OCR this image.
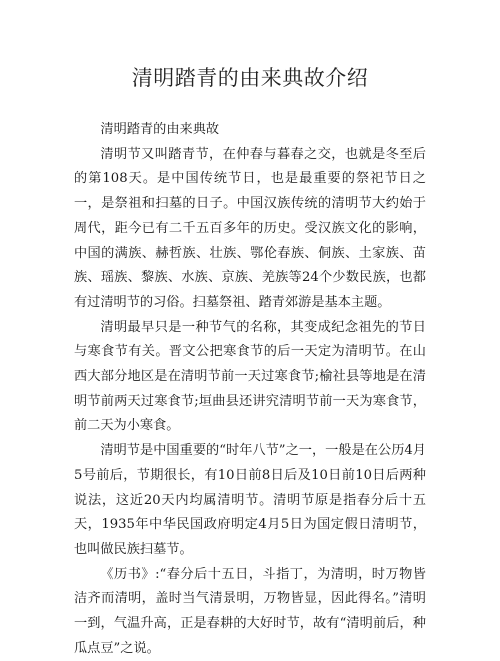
清明踏青的由来典故介绍

清明踏青的由来典故

清明节又叫踏青节，在仲春与暮春之交，也就是冬至后的第108天。是中国传统节日，也是最重要的祭祀节日之一，是祭祖和扫墓的日子。中国汉族传统的清明节大约始于周代，距今已有二千五百多年的历史。受汉族文化的影响，中国的满族、赫哲族、壮族、鄂伦春族、侗族、土家族、苗族、瑶族、黎族、水族、京族、羌族等24个少数民族，也都有过清明节的习俗。扫墓祭祖、踏青郊游是基本主题。

清明最早只是一种节气的名称，其变成纪念祖先的节日与寒食节有关。晋文公把寒食节的后一天定为清明节。在山西大部分地区是在清明节前一天过寒食节;榆社县等地是在清明节前两天过寒食节;垣曲县还讲究清明节前一天为寒食节，前二天为小寒食。

清明节是中国重要的“时年八节”之一，一般是在公历4月5号前后，节期很长，有10日前8日后及10日前10日后两种说法，这近20天内均属清明节。清明节原是指春分后十五天，1935年中华民国政府明定4月5日为国定假日清明节，也叫做民族扫墓节。

《历书》:“春分后十五日，斗指丁，为清明，时万物皆洁齐而清明，盖时当气清景明，万物皆显，因此得名。”清明一到，气温升高，正是春耕的大好时节，故有“清明前后，种瓜点豆”之说。
